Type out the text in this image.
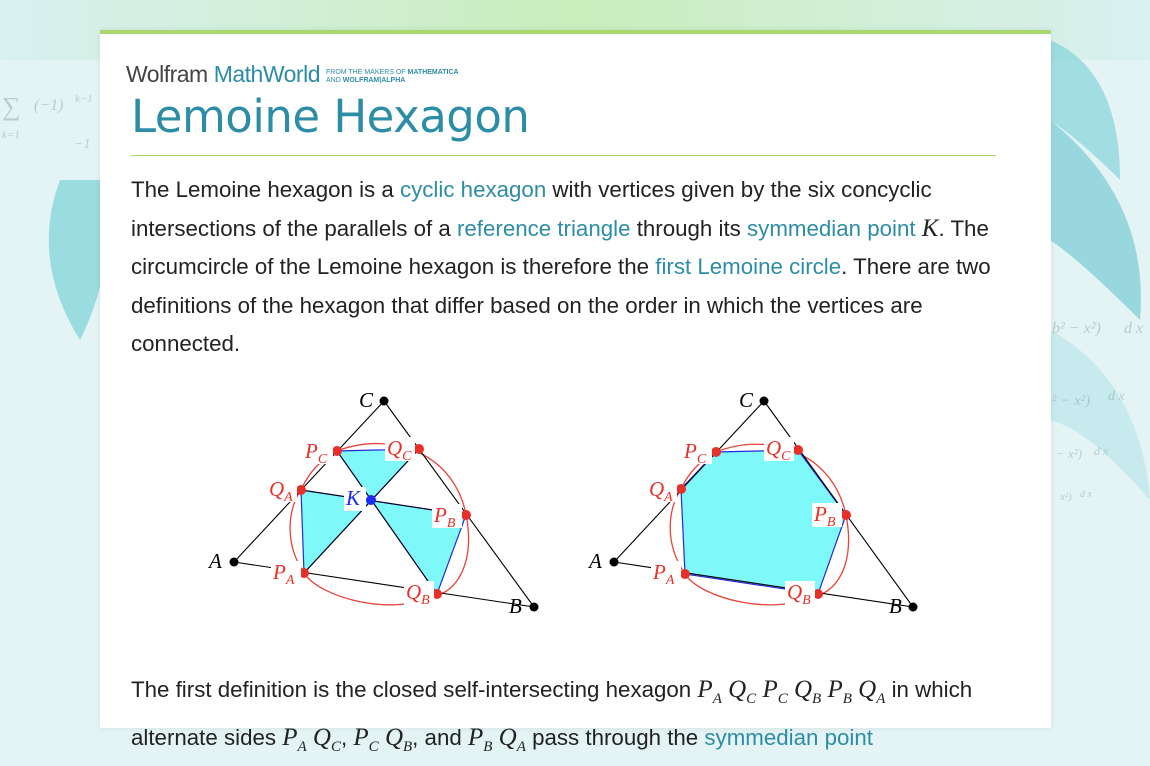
∑ (−1) k−1
k=1
−1
b² − x²) d x
² − x²) d x
− x²) d x
x²) d x
Wolfram MathWorld FROM THE MAKERS OF MATHEMATICA
AND WOLFRAM|ALPHA
Lemoine Hexagon

The Lemoine hexagon is a cyclic hexagon with vertices given by the six concyclic intersections of the parallels of a reference triangle through its symmedian point K. The circumcircle of the Lemoine hexagon is therefore the first Lemoine circle. There are two definitions of the hexagon that differ based on the order in which the vertices are connected.

The first definition is the closed self-intersecting hexagon $P_A$ $Q_C$ $P_C$ $Q_B$ $P_B$ $Q_A$ in which alternate sides $P_A$ $Q_C$, $P_C$ $Q_B$, and $P_B$ $Q_A$ pass through the symmedian point

K
C
A
B
$P_C$	$Q_C$
$Q_A$
$P_B$
$P_A$	$Q_B$
C
A
B
$P_C$	$Q_C$
$Q_A$
$P_B$
$P_A$	$Q_B$
